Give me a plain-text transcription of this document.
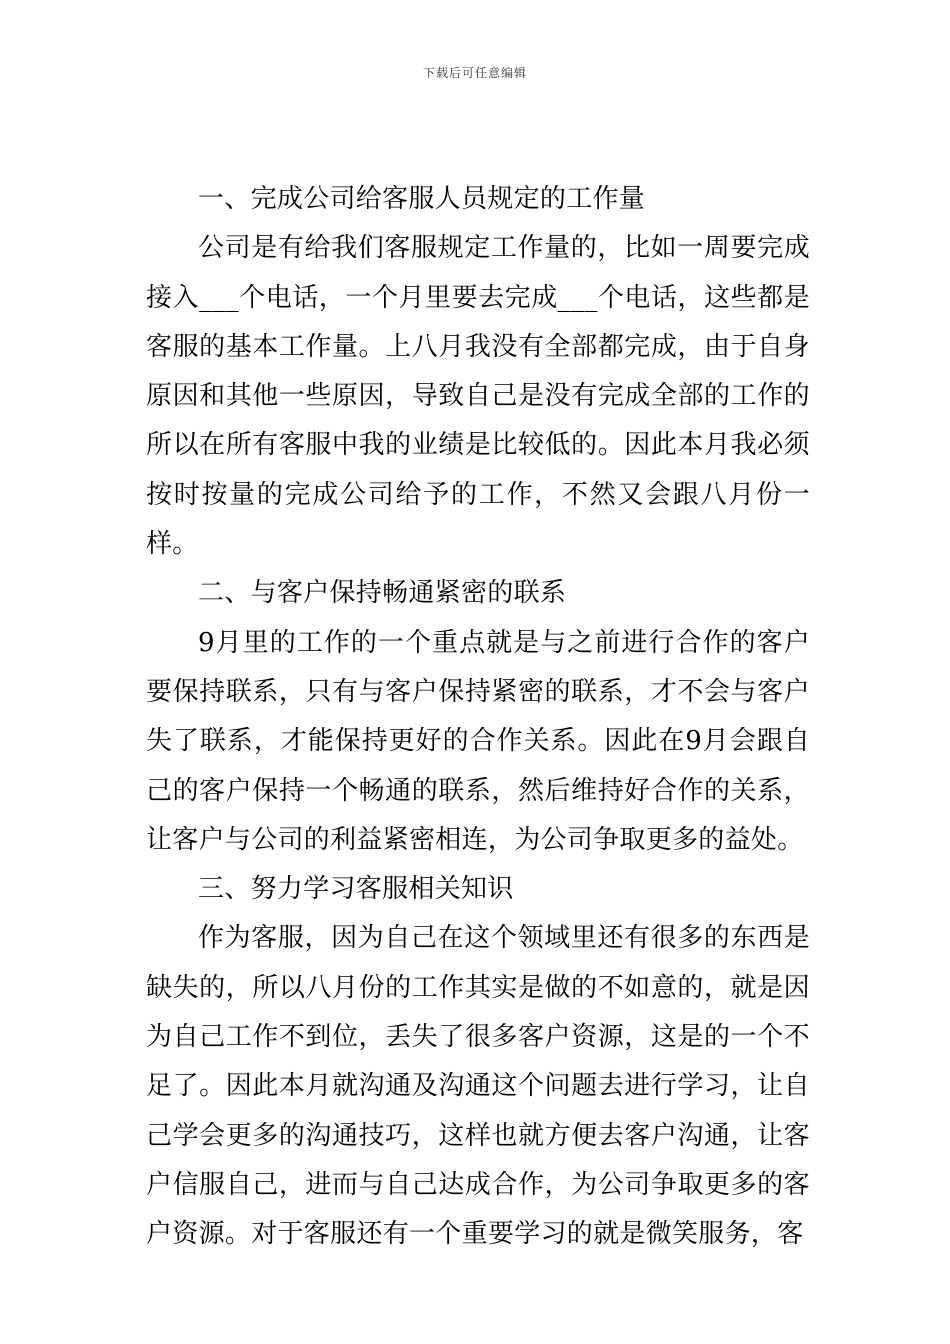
下载后可任意编辑

一、完成公司给客服人员规定的工作量

公司是有给我们客服规定工作量的，比如一周要完成接入___个电话，一个月里要去完成___个电话，这些都是客服的基本工作量。上八月我没有全部都完成，由于自身原因和其他一些原因，导致自己是没有完成全部的工作的所以在所有客服中我的业绩是比较低的。因此本月我必须按时按量的完成公司给予的工作，不然又会跟八月份一样。

二、与客户保持畅通紧密的联系

9月里的工作的一个重点就是与之前进行合作的客户要保持联系，只有与客户保持紧密的联系，才不会与客户失了联系，才能保持更好的合作关系。因此在9月会跟自己的客户保持一个畅通的联系，然后维持好合作的关系，让客户与公司的利益紧密相连，为公司争取更多的益处。

三、努力学习客服相关知识

作为客服，因为自己在这个领域里还有很多的东西是缺失的，所以八月份的工作其实是做的不如意的，就是因为自己工作不到位，丢失了很多客户资源，这是的一个不足了。因此本月就沟通及沟通这个问题去进行学习，让自己学会更多的沟通技巧，这样也就方便去客户沟通，让客户信服自己，进而与自己达成合作，为公司争取更多的客户资源。对于客服还有一个重要学习的就是微笑服务，客
